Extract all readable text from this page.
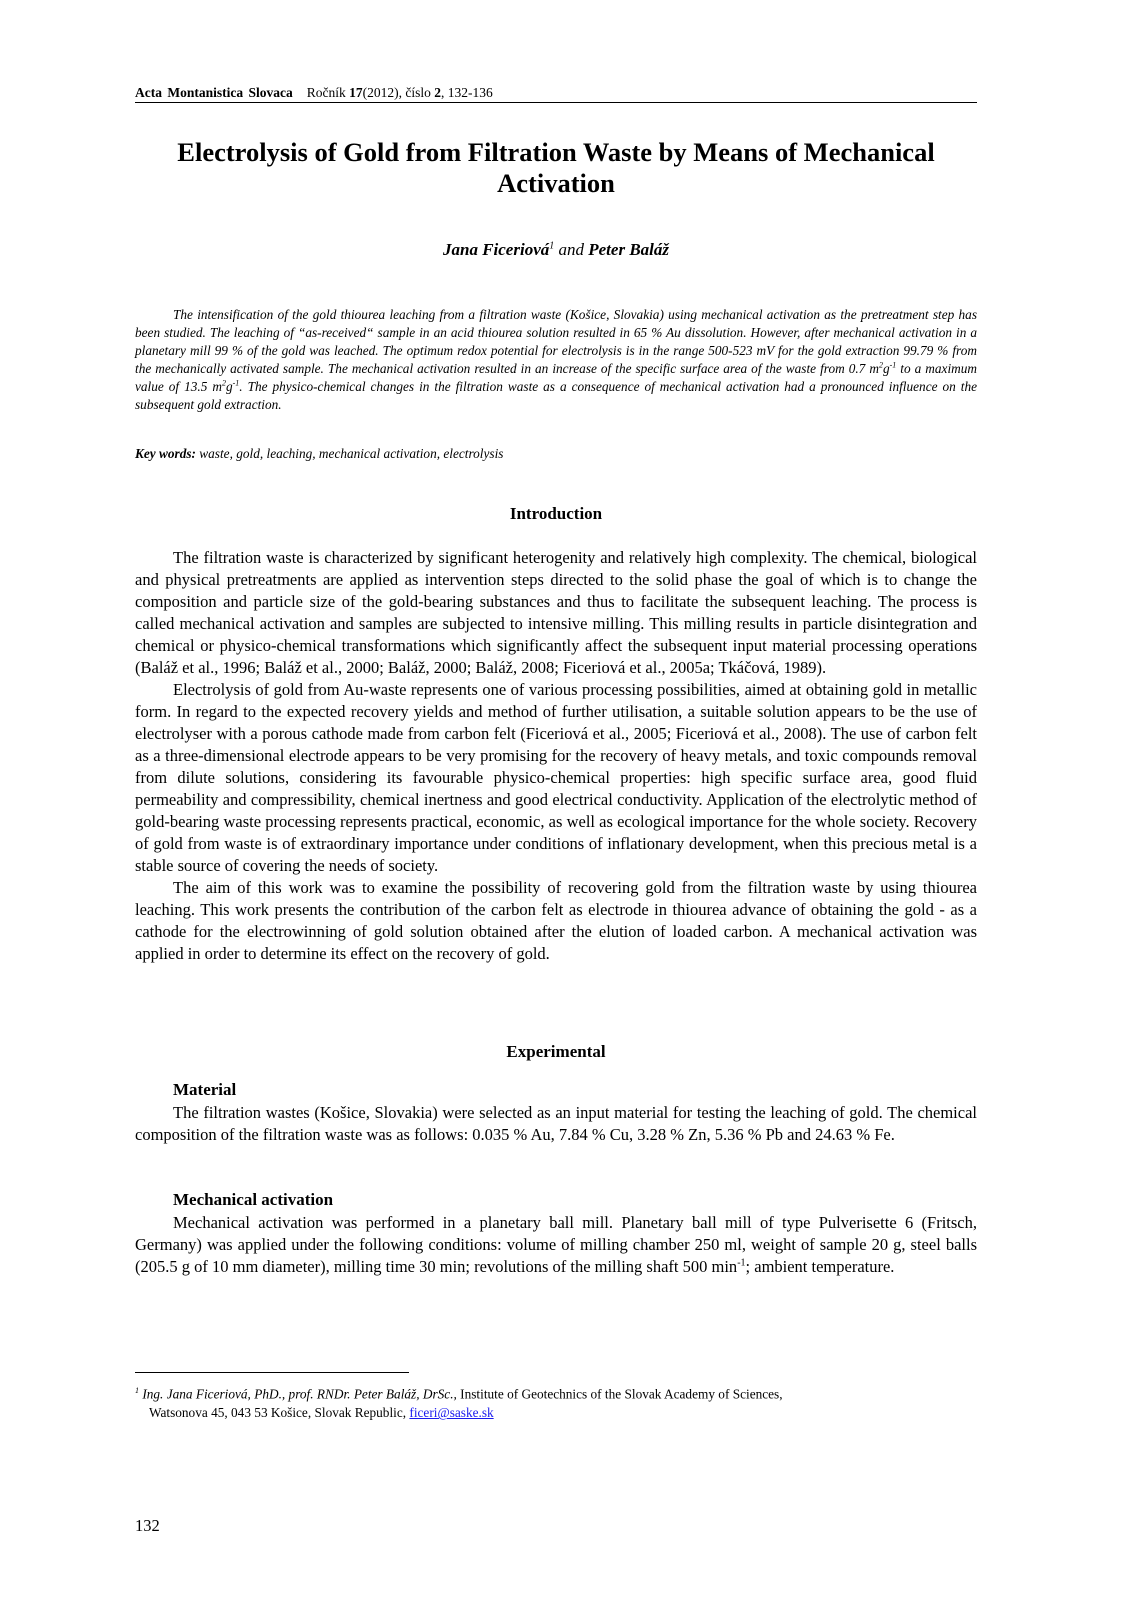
Acta Montanistica Slovaca Ročník 17(2012), číslo 2, 132-136
Electrolysis of Gold from Filtration Waste by Means of Mechanical Activation
Jana Ficeriová$^1$ and Peter Baláž
The intensification of the gold thiourea leaching from a filtration waste (Košice, Slovakia) using mechanical activation as the pretreatment step has been studied. The leaching of “as-received“ sample in an acid thiourea solution resulted in 65 % Au dissolution. However, after mechanical activation in a planetary mill 99 % of the gold was leached. The optimum redox potential for electrolysis is in the range 500-523 mV for the gold extraction 99.79 % from the mechanically activated sample. The mechanical activation resulted in an increase of the specific surface area of the waste from 0.7 $m^2g^{-1}$ to a maximum value of 13.5 $m^2g^{-1}$. The physico-chemical changes in the filtration waste as a consequence of mechanical activation had a pronounced influence on the subsequent gold extraction.
Key words: waste, gold, leaching, mechanical activation, electrolysis
Introduction

The filtration waste is characterized by significant heterogenity and relatively high complexity. The chemical, biological and physical pretreatments are applied as intervention steps directed to the solid phase the goal of which is to change the composition and particle size of the gold-bearing substances and thus to facilitate the subsequent leaching. The process is called mechanical activation and samples are subjected to intensive milling. This milling results in particle disintegration and chemical or physico-chemical transformations which significantly affect the subsequent input material processing operations (Baláž et al., 1996; Baláž et al., 2000; Baláž, 2000; Baláž, 2008; Ficeriová et al., 2005a; Tkáčová, 1989).

Electrolysis of gold from Au-waste represents one of various processing possibilities, aimed at obtaining gold in metallic form. In regard to the expected recovery yields and method of further utilisation, a suitable solution appears to be the use of electrolyser with a porous cathode made from carbon felt (Ficeriová et al., 2005; Ficeriová et al., 2008). The use of carbon felt as a three-dimensional electrode appears to be very promising for the recovery of heavy metals, and toxic compounds removal from dilute solutions, considering its favourable physico-chemical properties: high specific surface area, good fluid permeability and compressibility, chemical inertness and good electrical conductivity. Application of the electrolytic method of gold-bearing waste processing represents practical, economic, as well as ecological importance for the whole society. Recovery of gold from waste is of extraordinary importance under conditions of inflationary development, when this precious metal is a stable source of covering the needs of society.

The aim of this work was to examine the possibility of recovering gold from the filtration waste by using thiourea leaching. This work presents the contribution of the carbon felt as electrode in thiourea advance of obtaining the gold - as a cathode for the electrowinning of gold solution obtained after the elution of loaded carbon. A mechanical activation was applied in order to determine its effect on the recovery of gold.

Experimental
Material

The filtration wastes (Košice, Slovakia) were selected as an input material for testing the leaching of gold. The chemical composition of the filtration waste was as follows: 0.035 % Au, 7.84 % Cu, 3.28 % Zn, 5.36 % Pb and 24.63 % Fe.

Mechanical activation

Mechanical activation was performed in a planetary ball mill. Planetary ball mill of type Pulverisette 6 (Fritsch, Germany) was applied under the following conditions: volume of milling chamber 250 ml, weight of sample 20 g, steel balls (205.5 g of 10 mm diameter), milling time 30 min; revolutions of the milling shaft 500 $\min^{-1}$; ambient temperature.

$^1$ Ing. Jana Ficeriová, PhD., prof. RNDr. Peter Baláž, DrSc., Institute of Geotechnics of the Slovak Academy of Sciences,
Watsonova 45, 043 53 Košice, Slovak Republic, ficeri@saske.sk
132
